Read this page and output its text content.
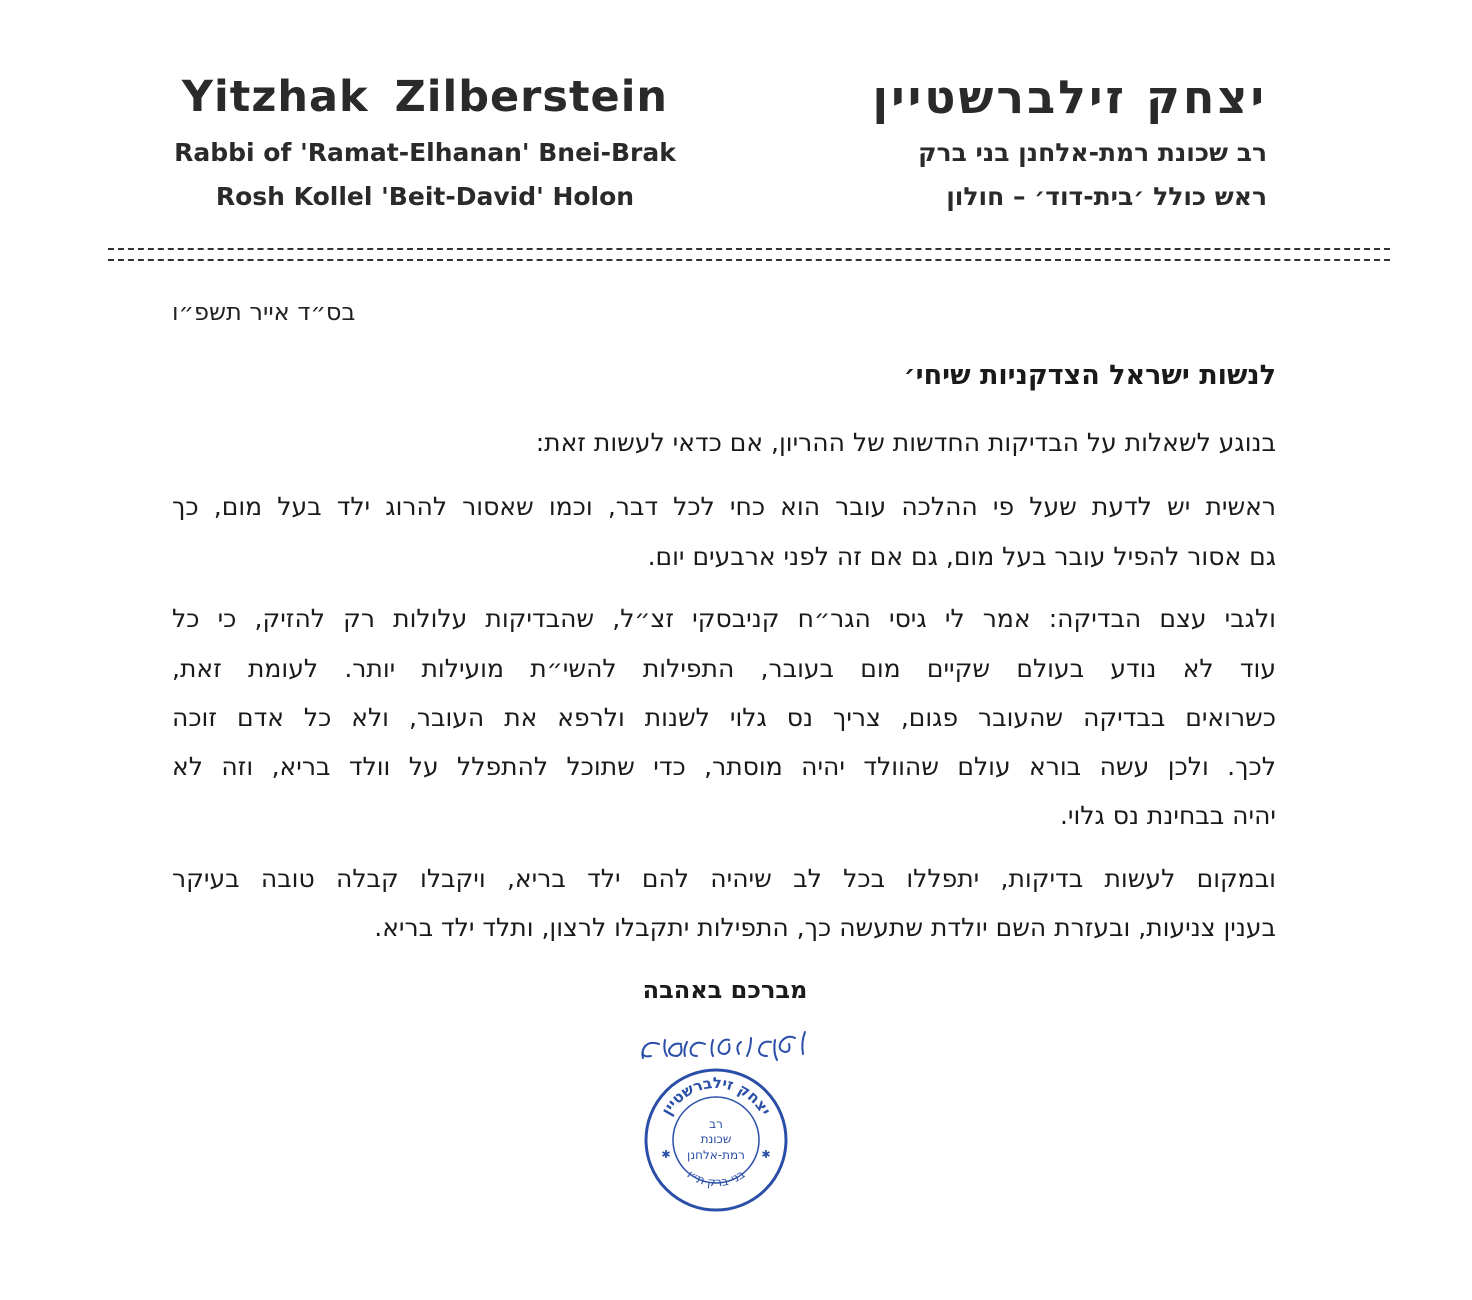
Yitzhak Zilberstein
Rabbi of 'Ramat-Elhanan' Bnei-Brak
Rosh Kollel 'Beit-David' Holon
יצחק זילברשטיין
רב שכונת רמת-אלחנן בני ברק
ראש כולל ׳בית-דוד׳ – חולון
בס״ד אייר תשפ״ו
לנשות ישראל הצדקניות שיחי׳
בנוגע לשאלות על הבדיקות החדשות של ההריון, אם כדאי לעשות זאת:
ראשית יש לדעת שעל פי ההלכה עובר הוא כחי לכל דבר, וכמו שאסור להרוג ילד בעל מום, כך
גם אסור להפיל עובר בעל מום, גם אם זה לפני ארבעים יום.
ולגבי עצם הבדיקה: אמר לי גיסי הגר״ח קניבסקי זצ״ל, שהבדיקות עלולות רק להזיק, כי כל
עוד לא נודע בעולם שקיים מום בעובר, התפילות להשי״ת מועילות יותר. לעומת זאת,
כשרואים בבדיקה שהעובר פגום, צריך נס גלוי לשנות ולרפא את העובר, ולא כל אדם זוכה
לכך. ולכן עשה בורא עולם שהוולד יהיה מוסתר, כדי שתוכל להתפלל על וולד בריא, וזה לא
יהיה בבחינת נס גלוי.
ובמקום לעשות בדיקות, יתפללו בכל לב שיהיה להם ילד בריא, ויקבלו קבלה טובה בעיקר
בענין צניעות, ובעזרת השם יולדת שתעשה כך, התפילות יתקבלו לרצון, ותלד ילד בריא.
מברכם באהבה
יצחק זילברשטיין
בני-ברק ת״ו
רב
שכונת
רמת-אלחנן
✱	✱
